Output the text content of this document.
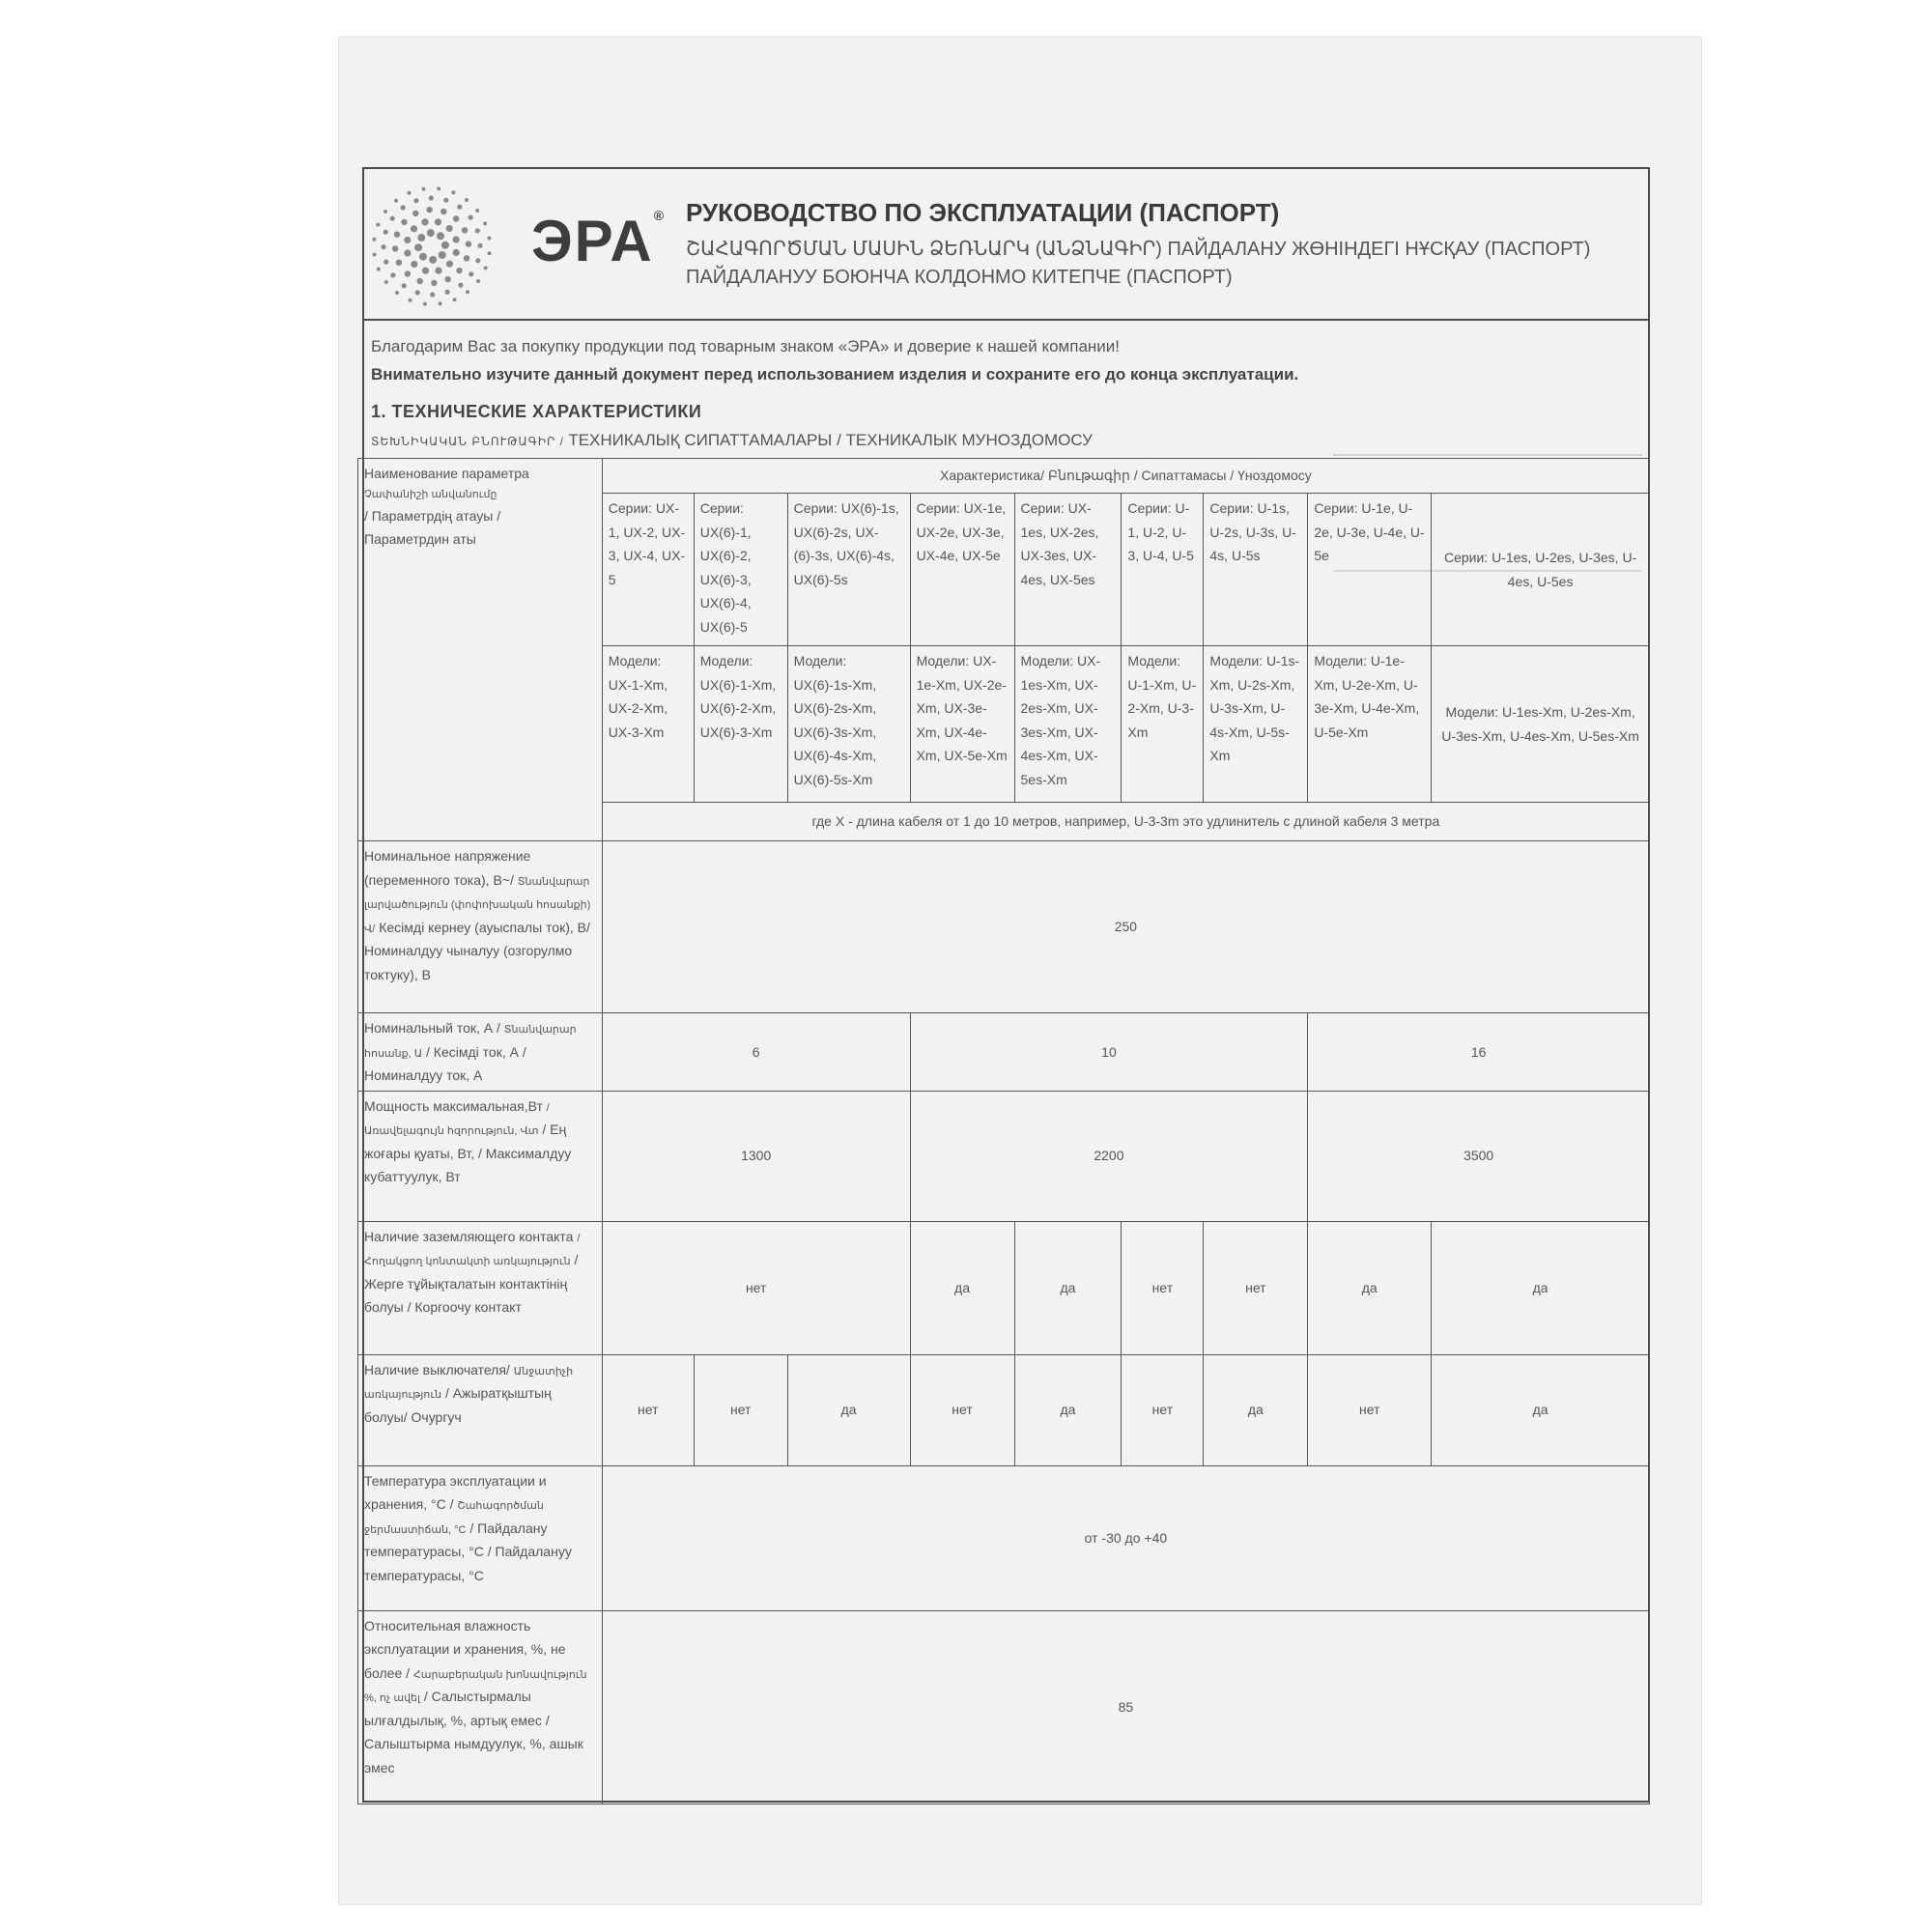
ЭРА® РУКОВОДСТВО ПО ЭКСПЛУАТАЦИИ (ПАСПОРТ)
ՇԱՀԱԳՈՐԾՄԱՆ ՄԱՍԻՆ ՁԵՌՆԱՐԿ (ԱՆՁՆԱԳԻՐ) ПАЙДАЛАНУ ЖӨНІНДЕГІ НҰСҚАУ (ПАСПОРТ)
ПАЙДАЛАНУУ БОЮНЧА КОЛДОНМО КИТЕПЧЕ (ПАСПОРТ)
Благодарим Вас за покупку продукции под товарным знаком «ЭРА» и доверие к нашей компании!
Внимательно изучите данный документ перед использованием изделия и сохраните его до конца эксплуатации.
1. ТЕХНИЧЕСКИЕ ХАРАКТЕРИСТИКИ
ՏԵԽՆԻԿԱԿԱՆ ԲՆՈՒԹԱԳԻՐ / ТЕХНИКАЛЫҚ СИПАТТАМАЛАРЫ / ТЕХНИКАЛЫК МУНОЗДОМОСУ
Наименование параметра
Չափանիշի անվանումը
/ Параметрдің атауы /
Параметрдин аты	Характеристика/ Բնութագիր / Сипаттамасы / Үноздомосу								
	Серии: UX-1, UX-2, UX-3, UX-4, UX-5	Серии: UX(6)-1, UX(6)-2, UX(6)-3, UX(6)-4, UX(6)-5	Серии: UX(6)-1s, UX(6)-2s, UX-(6)-3s, UX(6)-4s, UX(6)-5s	Серии: UX-1e, UX-2e, UX-3e, UX-4e, UX-5e	Серии: UX-1es, UX-2es, UX-3es, UX-4es, UX-5es	Серии: U-1, U-2, U-3, U-4, U-5	Серии: U-1s, U-2s, U-3s, U-4s, U-5s	Серии: U-1e, U-2e, U-3e, U-4e, U-5e	Серии: U-1es, U-2es, U-3es, U-4es, U-5es
	Модели: UX-1-Xm, UX-2-Xm, UX-3-Xm	Модели: UX(6)-1-Xm, UX(6)-2-Xm, UX(6)-3-Xm	Модели: UX(6)-1s-Xm, UX(6)-2s-Xm, UX(6)-3s-Xm, UX(6)-4s-Xm, UX(6)-5s-Xm	Модели: UX-1e-Xm, UX-2e-Xm, UX-3e-Xm, UX-4e-Xm, UX-5e-Xm	Модели: UX-1es-Xm, UX-2es-Xm, UX-3es-Xm, UX-4es-Xm, UX-5es-Xm	Модели: U-1-Xm, U-2-Xm, U-3-Xm	Модели: U-1s-Xm, U-2s-Xm, U-3s-Xm, U-4s-Xm, U-5s-Xm	Модели: U-1e-Xm, U-2e-Xm, U-3e-Xm, U-4e-Xm, U-5e-Xm	Модели: U-1es-Xm, U-2es-Xm, U-3es-Xm, U-4es-Xm, U-5es-Xm
	где X - длина кабеля от 1 до 10 метров, например, U-3-3m это удлинитель с длиной кабеля 3 метра								
Номинальное напряжение (переменного тока), В~/ Տնանվարար լարվածություն (փոփոխական հոսանքի) Վ/ Кесімді кернеу (ауыспалы ток), В/ Номиналдуу чыналуу (озгорулмо токтуку), В	250								
Номинальный ток, А / Տնանվարար հոսանք, Ա / Кесімді ток, А / Номиналдуу ток, А	6			10				16	
Мощность максимальная,Вт / Առավելագույն հզորություն, Վտ / Ең жоғары қуаты, Вт, / Максималдуу кубаттуулук, Вт	1300			2200				3500	
Наличие заземляющего контакта / Հողակցող կոնտակտի առկայություն / Жерге тұйықталатын контактінің болуы / Коргоочу контакт	нет			да	да	нет	нет	да	да
Наличие выключателя/ Անջատիչի առկայություն / Ажыратқыштың болуы/ Очургуч	нет	нет	да	нет	да	нет	да	нет	да
Температура эксплуатации и хранения, °С / Շահագործման ջերմաստիճան, °С / Пайдалану температурасы, °С / Пайдалануу температурасы, °С	от -30 до +40								
Относительная влажность эксплуатации и хранения, %, не более / Հարաբերական խոնավություն %, ոչ ավել / Салыстырмалы ылғалдылық, %, артық емес / Салыштырма нымдуулук, %, ашык эмес	85								
